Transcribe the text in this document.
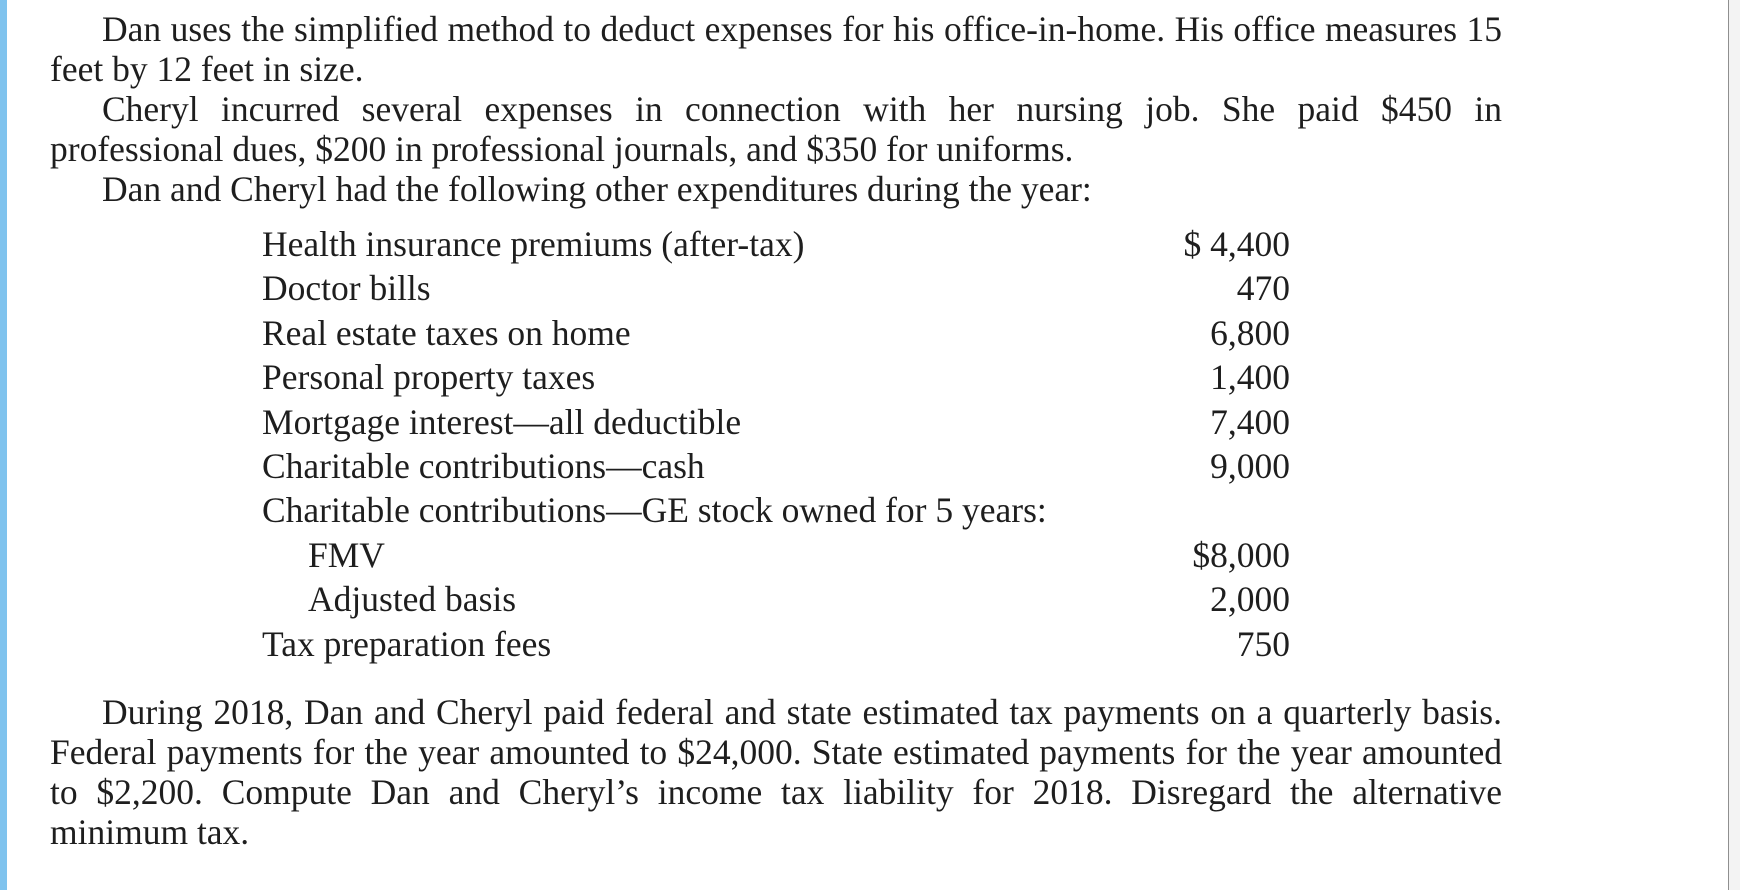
Dan uses the simplified method to deduct expenses for his office-in-home. His office measures 15 feet by 12 feet in size.

Cheryl incurred several expenses in connection with her nursing job. She paid $450 in professional dues, $200 in professional journals, and $350 for uniforms.

Dan and Cheryl had the following other expenditures during the year:

Health insurance premiums (after-tax)	$ 4,400
Doctor bills	470
Real estate taxes on home	6,800
Personal property taxes	1,400
Mortgage interest—all deductible	7,400
Charitable contributions—cash	9,000
Charitable contributions—GE stock owned for 5 years:
FMV	$8,000
Adjusted basis	2,000
Tax preparation fees	750

During 2018, Dan and Cheryl paid federal and state estimated tax payments on a quarterly basis. Federal payments for the year amounted to $24,000. State estimated payments for the year amounted to $2,200. Compute Dan and Cheryl’s income tax liability for 2018. Disregard the alternative minimum tax.
